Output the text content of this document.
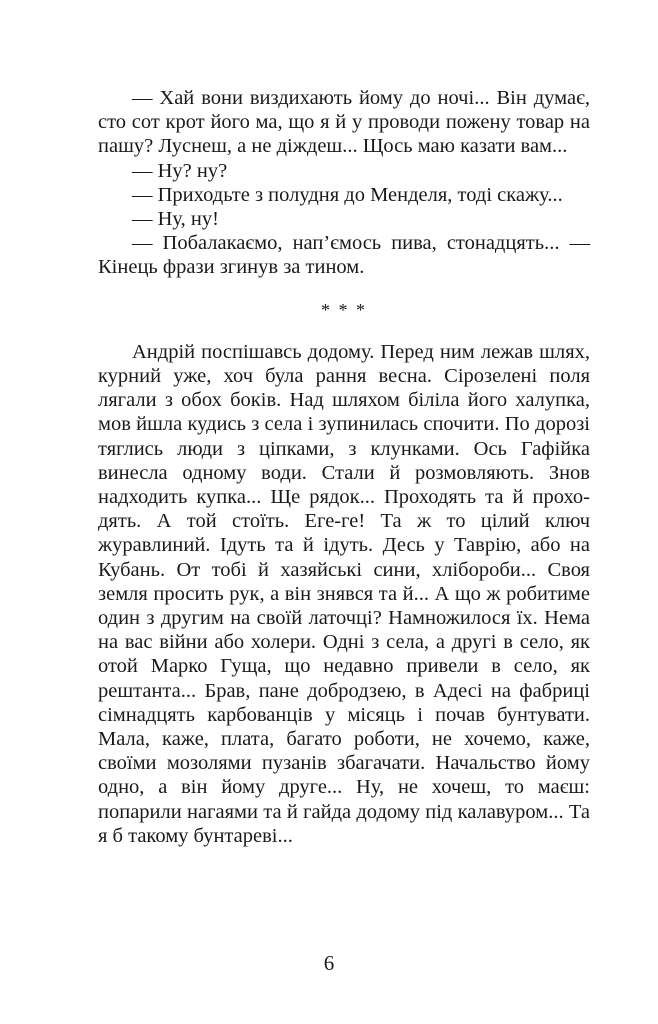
— Хай вони виздихають йому до ночі... Він думає, сто сот крот його ма, що я й у проводи пожену товар на пашу? Луснеш, а не діждеш... Щось маю казати вам...

— Ну? ну?

— Приходьте з полудня до Менделя, тоді скажу...

— Ну, ну!

— Побалакаємо, нап’ємось пива, стонадцять... — Кінець фрази згинув за тином.

* * *

Андрій поспішавсь додому. Перед ним лежав шлях, курний уже, хоч була рання весна. Сірозелені поля лягали з обох боків. Над шляхом біліла його халупка, мов йшла кудись з села і зупинилась спочити. По дорозі тяглись люди з ціпками, з клунками. Ось Гафійка винесла одному води. Стали й розмовляють. Знов надходить купка... Ще рядок... Проходять та й проходять. А той стоїть. Еге-ге! Та ж то цілий ключ журавлиний. Ідуть та й ідуть. Десь у Таврію, або на Кубань. От тобі й хазяйські сини, хлібороби... Своя земля просить рук, а він знявся та й... А що ж робитиме один з другим на своїй латочці? Намножилося їх. Нема на вас війни або холери. Одні з села, а другі в село, як отой Марко Гуща, що недавно привели в село, як рештанта... Брав, пане добродзею, в Адесі на фабриці сімнадцять карбованців у місяць і почав бунтувати. Мала, каже, плата, багато роботи, не хочемо, каже, своїми мозолями пузанів збагачати. Начальство йому одно, а він йому друге... Ну, не хочеш, то маєш: попарили нагаями та й гайда додому під калавуром... Та я б такому бунтареві...

6
